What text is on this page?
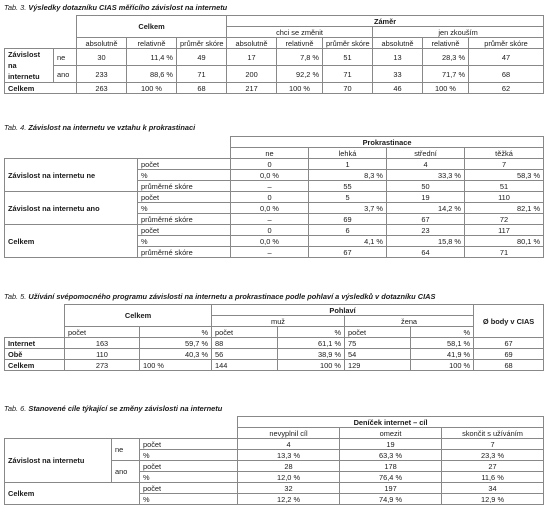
Tab. 3. Výsledky dotazníku CIAS měřícího závislost na internetu
		Celkem			Záměr					
					chci se změnit			jen zkouším		
		absolutně	relativně	průměr skóre	absolutně	relativně	průměr skóre	absolutně	relativně	průměr skóre
Závislost na internetu	ne	30	11,4 %	49	17	7,8 %	51	13	28,3 %	47
	ano	233	88,6 %	71	200	92,2 %	71	33	71,7 %	68
Celkem		263	100 %	68	217	100 %	70	46	100 %	62
Tab. 4. Závislost na internetu ve vztahu k prokrastinaci
		Prokrastinace			
		ne	lehká	střední	těžká
Závislost na internetu ne	počet	0	1	4	7
	%	0,0 %	8,3 %	33,3 %	58,3 %
	průměrné skóre	–	55	50	51
Závislost na internetu ano	počet	0	5	19	110
	%	0,0 %	3,7 %	14,2 %	82,1 %
	průměrné skóre	–	69	67	72
Celkem	počet	0	6	23	117
	%	0,0 %	4,1 %	15,8 %	80,1 %
	průměrné skóre	–	67	64	71
Tab. 5. Užívání svépomocného programu závislosti na internetu a prokrastinace podle pohlaví a výsledků v dotazníku CIAS
	Celkem		Pohlaví				Ø body v CIAS
			muž		žena		
	počet	%	počet	%	počet	%	
Internet	163	59,7 %	88	61,1 %	75	58,1 %	67
Obě	110	40,3 %	56	38,9 %	54	41,9 %	69
Celkem	273	100 %	144	100 %	129	100 %	68
Tab. 6. Stanovené cíle týkající se změny závislosti na internetu
			Deníček internet – cíl		
			nevyplnil cíl	omezit	skončit s užíváním
Závislost na internetu	ne	počet	4	19	7
		%	13,3 %	63,3 %	23,3 %
	ano	počet	28	178	27
		%	12,0 %	76,4 %	11,6 %
Celkem		počet	32	197	34
		%	12,2 %	74,9 %	12,9 %
